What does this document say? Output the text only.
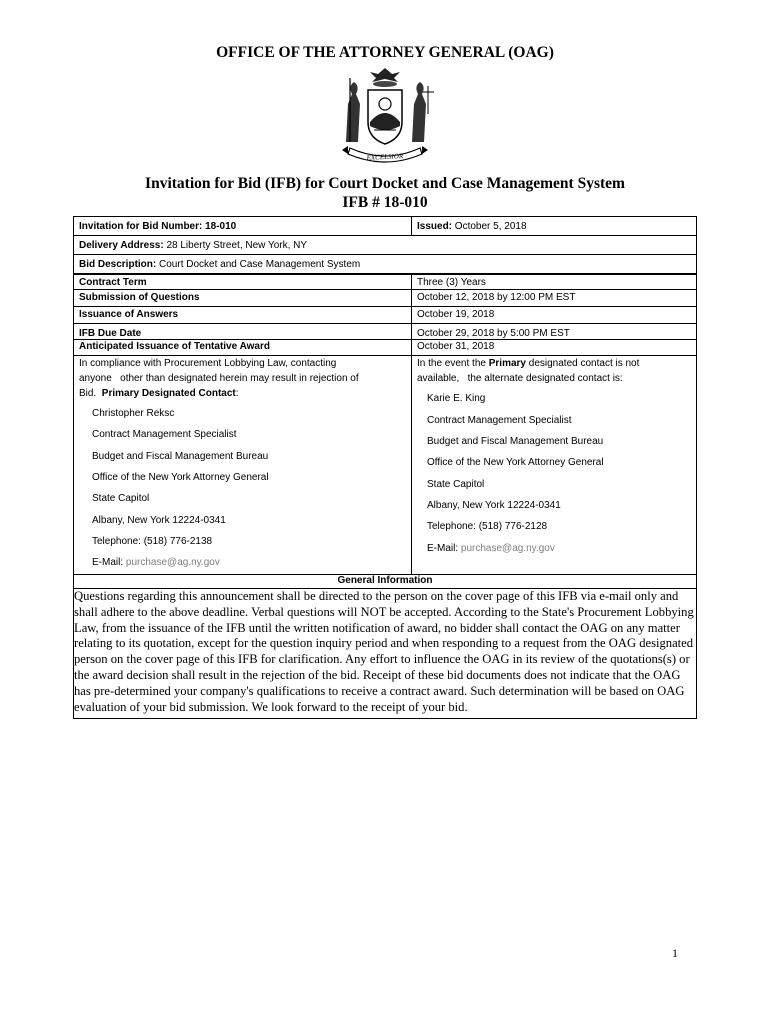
OFFICE OF THE ATTORNEY GENERAL (OAG)
EXCELSIOR
Invitation for Bid (IFB) for Court Docket and Case Management System
IFB # 18-010
Invitation for Bid Number: 18-010	Issued: October 5, 2018
Delivery Address: 28 Liberty Street, New York, NY
Bid Description: Court Docket and Case Management System
Contract Term	Three (3) Years
Submission of Questions	October 12, 2018 by 12:00 PM EST
Issuance of Answers	October 19, 2018
IFB Due Date	October 29, 2018 by 5:00 PM EST
Anticipated Issuance of Tentative Award	October 31, 2018
In compliance with Procurement Lobbying Law, contacting
anyone   other than designated herein may result in rejection of
Bid. Primary Designated Contact:
Christopher Reksc
Contract Management Specialist
Budget and Fiscal Management Bureau
Office of the New York Attorney General
State Capitol
Albany, New York 12224-0341
Telephone: (518) 776-2138
E-Mail: purchase@ag.ny.gov
In the event the Primary designated contact is not
available,   the alternate designated contact is:
Karie E. King
Contract Management Specialist
Budget and Fiscal Management Bureau
Office of the New York Attorney General
State Capitol
Albany, New York 12224-0341
Telephone: (518) 776-2128
E-Mail: purchase@ag.ny.gov
General Information
Questions regarding this announcement shall be directed to the person on the cover page of this IFB via e-mail only and
shall adhere to the above deadline. Verbal questions will NOT be accepted. According to the State's Procurement Lobbying
Law, from the issuance of the IFB until the written notification of award, no bidder shall contact the OAG on any matter
relating to its quotation, except for the question inquiry period and when responding to a request from the OAG designated
person on the cover page of this IFB for clarification. Any effort to influence the OAG in its review of the quotations(s) or
the award decision shall result in the rejection of the bid. Receipt of these bid documents does not indicate that the OAG
has pre-determined your company's qualifications to receive a contract award. Such determination will be based on OAG
evaluation of your bid submission. We look forward to the receipt of your bid.
1
